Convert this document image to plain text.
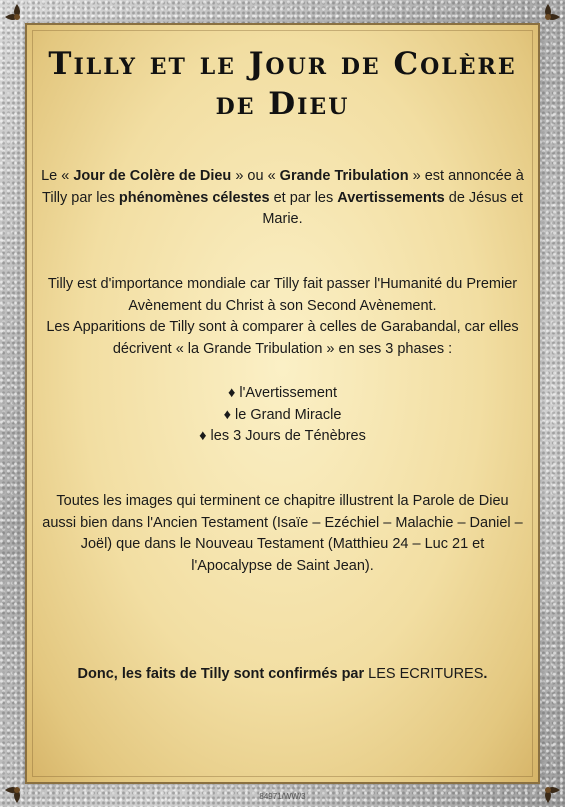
Tilly et le Jour de Colère
de Dieu
Le « Jour de Colère de Dieu » ou « Grande Tribulation » est annoncée à Tilly par les phénomènes célestes et par les Avertissements de Jésus et Marie.
Tilly est d'importance mondiale car Tilly fait passer l'Humanité du Premier Avènement du Christ à son Second Avènement.
Les Apparitions de Tilly sont à comparer à celles de Garabandal, car elles décrivent « la Grande Tribulation » en ses 3 phases :
♦ l'Avertissement
♦ le Grand Miracle
♦ les 3 Jours de Ténèbres
Toutes les images qui terminent ce chapitre illustrent la Parole de Dieu aussi bien dans l'Ancien Testament (Isaïe – Ezéchiel – Malachie – Daniel – Joël) que dans le Nouveau Testament (Matthieu 24 – Luc 21 et l'Apocalypse de Saint Jean).
Donc, les faits de Tilly sont confirmés par LES ECRITURES.
84971/WW/3
